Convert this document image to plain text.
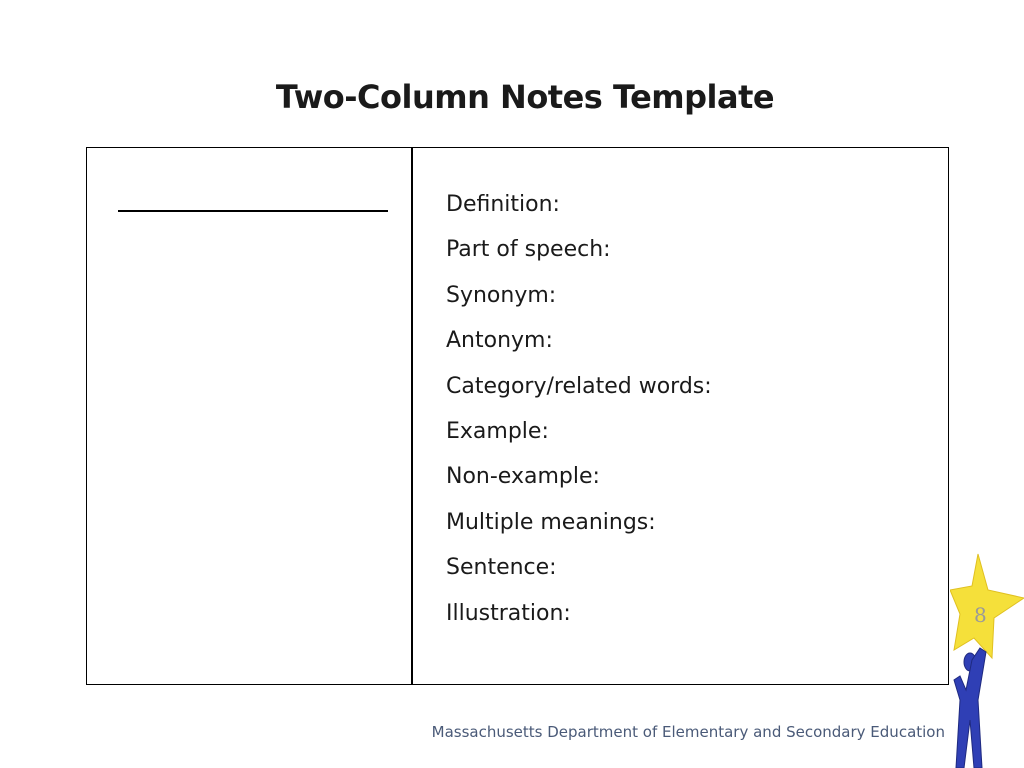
Two-Column Notes Template
Definition:
Part of speech:
Synonym:
Antonym:
Category/related words:
Example:
Non-example:
Multiple meanings:
Sentence:
Illustration:	8
Massachusetts Department of Elementary and Secondary Education
